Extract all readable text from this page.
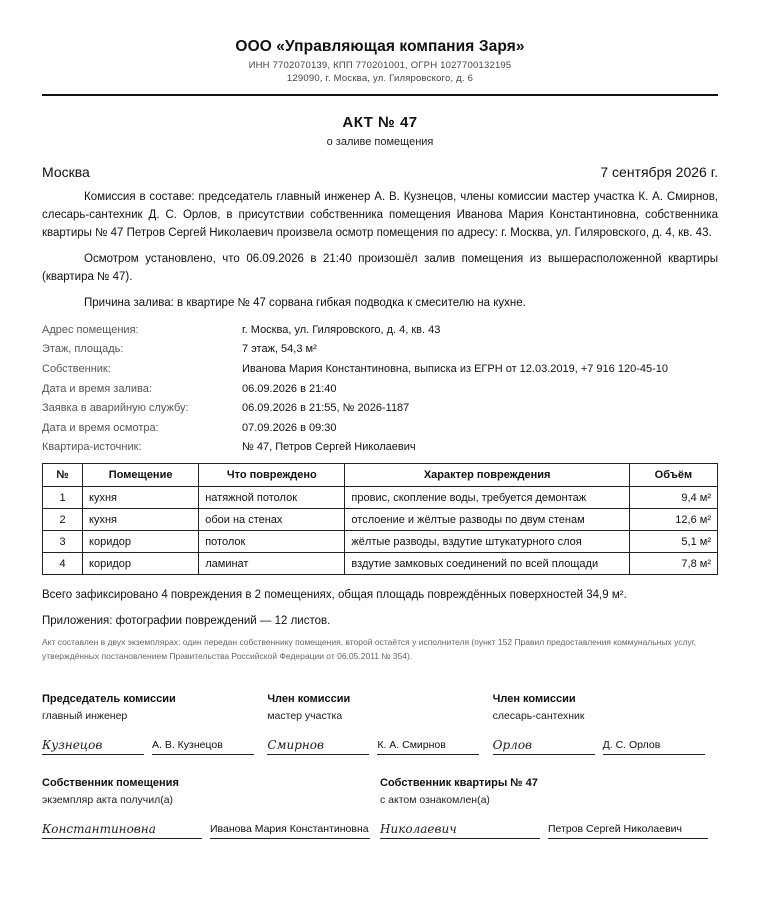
ООО «Управляющая компания Заря»
ИНН 7702070139, КПП 770201001, ОГРН 1027700132195
129090, г. Москва, ул. Гиляровского, д. 6
АКТ № 47
о заливе помещения
Москва	7 сентября 2026 г.
Комиссия в составе: председатель главный инженер А. В. Кузнецов, члены комиссии мастер участка К. А. Смирнов, слесарь-сантехник Д. С. Орлов, в присутствии собственника помещения Иванова Мария Константиновна, собственника квартиры № 47 Петров Сергей Николаевич произвела осмотр помещения по адресу: г. Москва, ул. Гиляровского, д. 4, кв. 43.
Осмотром установлено, что 06.09.2026 в 21:40 произошёл залив помещения из вышерасположенной квартиры (квартира № 47).
Причина залива: в квартире № 47 сорвана гибкая подводка к смесителю на кухне.
Адрес помещения:	г. Москва, ул. Гиляровского, д. 4, кв. 43
Этаж, площадь:	7 этаж, 54,3 м²
Собственник:	Иванова Мария Константиновна, выписка из ЕГРН от 12.03.2019, +7 916 120-45-10
Дата и время залива:	06.09.2026 в 21:40
Заявка в аварийную службу:	06.09.2026 в 21:55, № 2026-1187
Дата и время осмотра:	07.09.2026 в 09:30
Квартира-источник:	№ 47, Петров Сергей Николаевич
№	Помещение	Что повреждено	Характер повреждения	Объём
1	кухня	натяжной потолок	провис, скопление воды, требуется демонтаж	9,4 м²
2	кухня	обои на стенах	отслоение и жёлтые разводы по двум стенам	12,6 м²
3	коридор	потолок	жёлтые разводы, вздутие штукатурного слоя	5,1 м²
4	коридор	ламинат	вздутие замковых соединений по всей площади	7,8 м²
Всего зафиксировано 4 повреждения в 2 помещениях, общая площадь повреждённых поверхностей 34,9 м².
Приложения: фотографии повреждений — 12 листов.
Акт составлен в двух экземплярах: один передан собственнику помещения, второй остаётся у исполнителя (пункт 152 Правил предоставления коммунальных услуг, утверждённых постановлением Правительства Российской Федерации от 06.05.2011 № 354).
Председатель комиссии
главный инженер
Кузнецов	А. В. Кузнецов
Член комиссии
мастер участка
Смирнов	К. А. Смирнов
Член комиссии
слесарь-сантехник
Орлов	Д. С. Орлов
Собственник помещения
экземпляр акта получил(а)
Константиновна	Иванова Мария Константиновна
Собственник квартиры № 47
с актом ознакомлен(а)
Николаевич	Петров Сергей Николаевич
